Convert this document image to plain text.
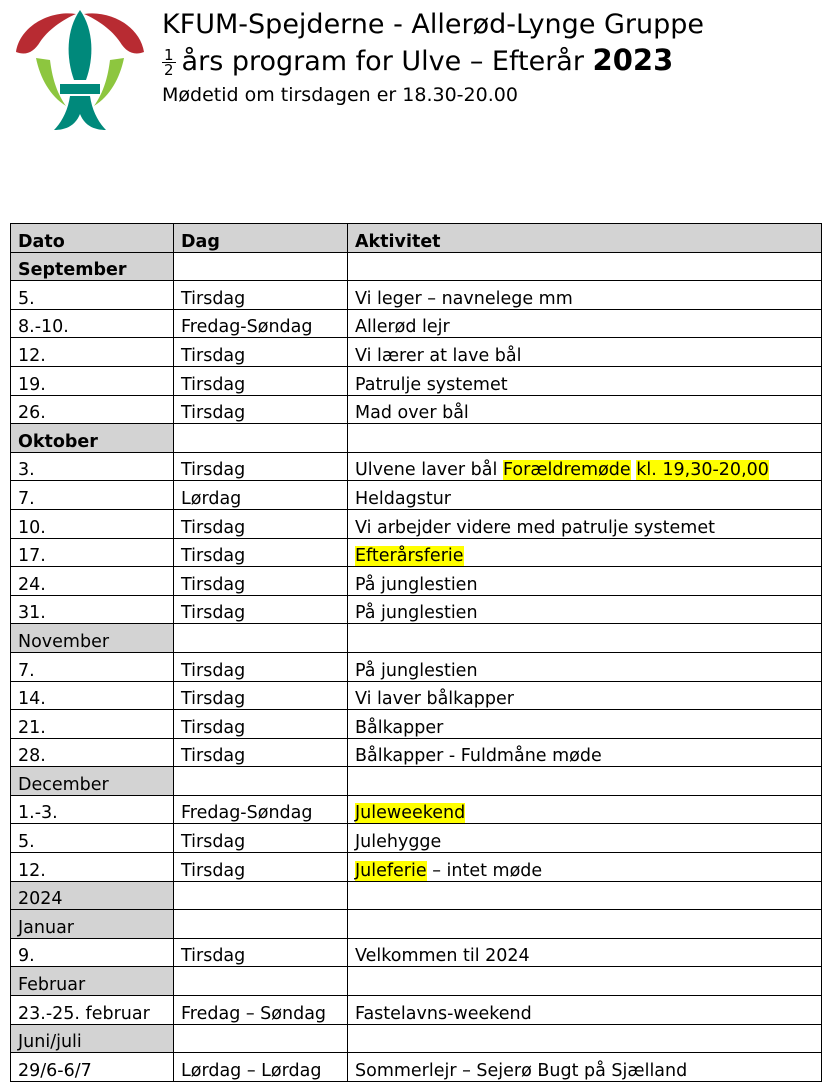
KFUM-Spejderne - Allerød-Lynge Gruppe
$\frac{1}{2}$ års program for Ulve – Efterår 2023
Mødetid om tirsdagen er 18.30-20.00
Dato	Dag	Aktivitet
September		
5.	Tirsdag	Vi leger – navnelege mm
8.-10.	Fredag-Søndag	Allerød lejr
12.	Tirsdag	Vi lærer at lave bål
19.	Tirsdag	Patrulje systemet
26.	Tirsdag	Mad over bål
Oktober		
3.	Tirsdag	Ulvene laver bål Forældremøde kl. 19,30-20,00
7.	Lørdag	Heldagstur
10.	Tirsdag	Vi arbejder videre med patrulje systemet
17.	Tirsdag	Efterårsferie
24.	Tirsdag	På junglestien
31.	Tirsdag	På junglestien
November		
7.	Tirsdag	På junglestien
14.	Tirsdag	Vi laver bålkapper
21.	Tirsdag	Bålkapper
28.	Tirsdag	Bålkapper - Fuldmåne møde
December		
1.-3.	Fredag-Søndag	Juleweekend
5.	Tirsdag	Julehygge
12.	Tirsdag	Juleferie – intet møde
2024		
Januar		
9.	Tirsdag	Velkommen til 2024
Februar		
23.-25. februar	Fredag – Søndag	Fastelavns-weekend
Juni/juli		
29/6-6/7	Lørdag – Lørdag	Sommerlejr – Sejerø Bugt på Sjælland
